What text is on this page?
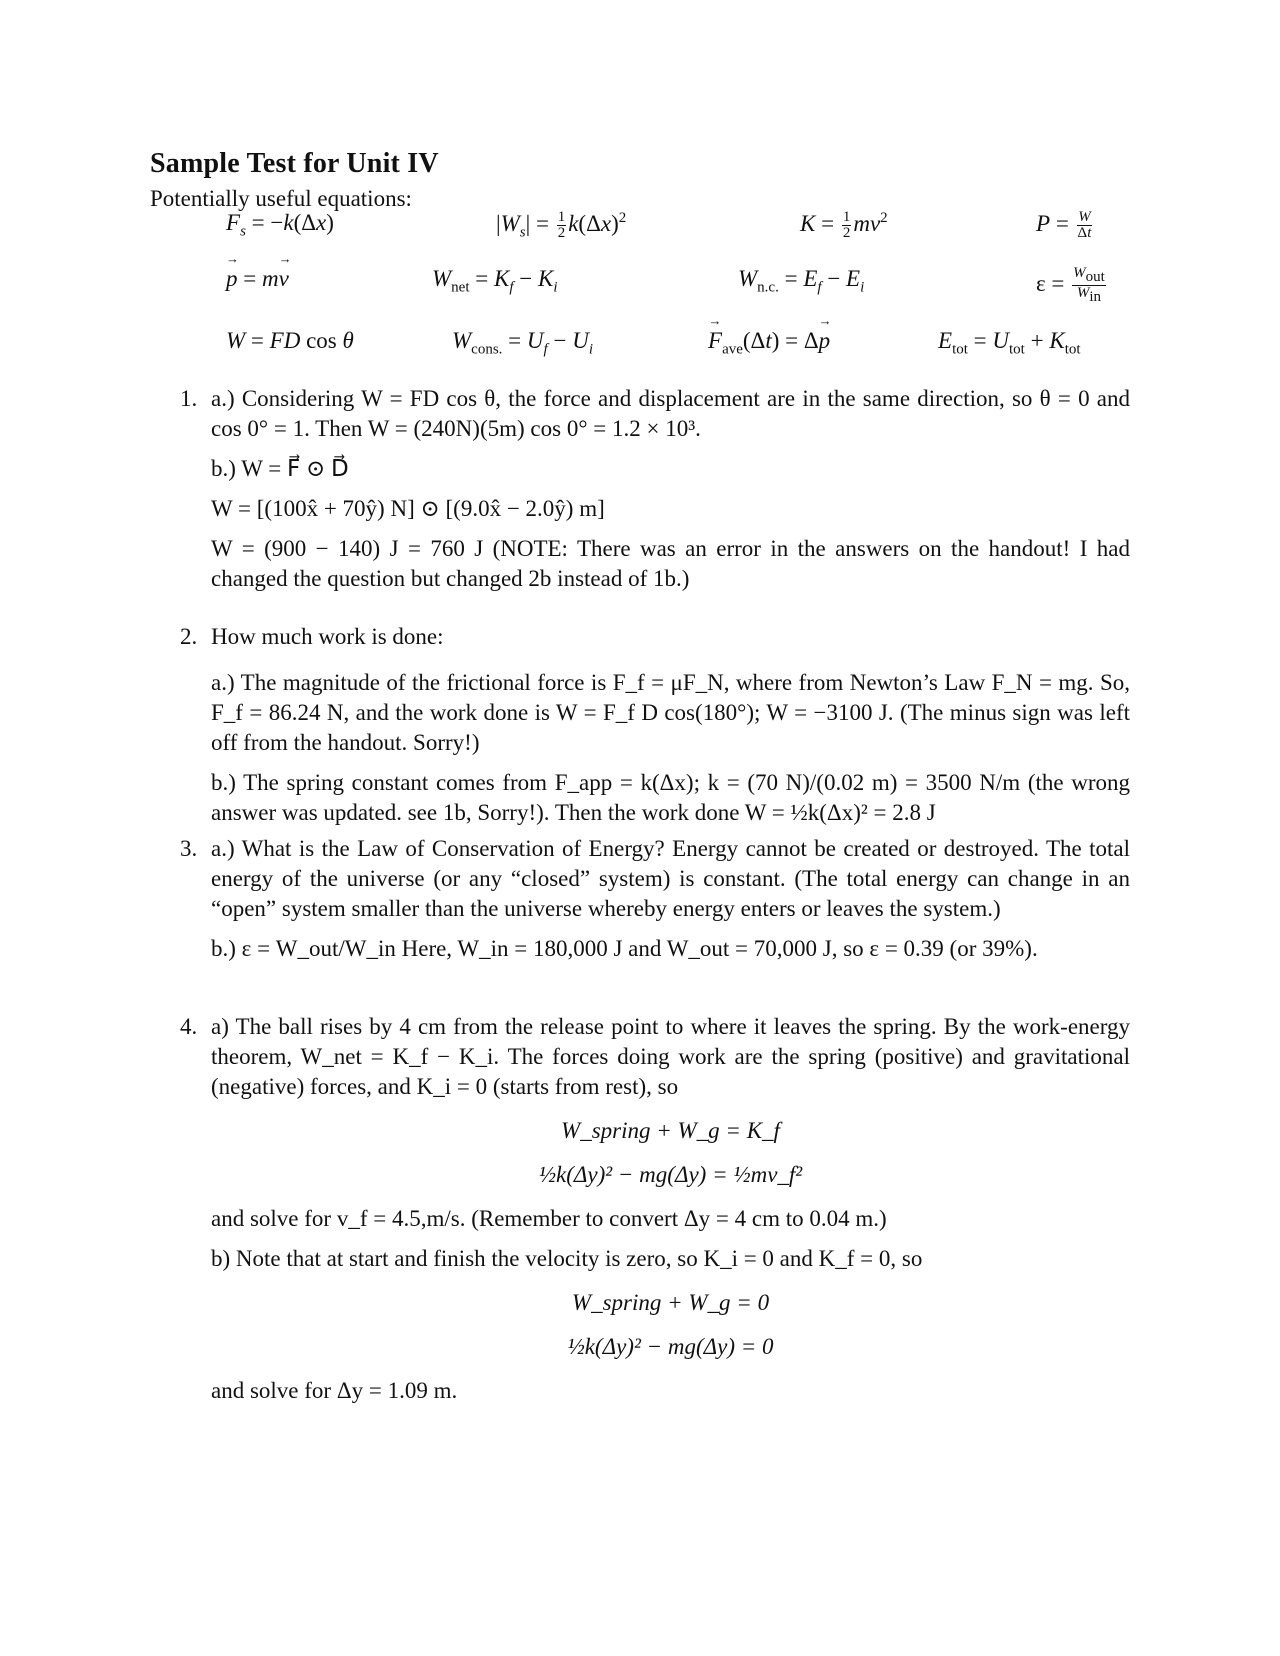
Sample Test for Unit IV
Potentially useful equations:
$F_s = -k(\Delta x)$	$|W_s| = \frac{1}{2} k(\Delta x)^2$	$K = \frac{1}{2} mv^2$	$P = \frac{W}{\Delta t}$
→ p = m→ v	$W_{net} = K_f - K_i$	$W_{n.c.} = E_f - E_i$	$\varepsilon = \frac{W_{out}}{W_{in}}$
W = FD cos θ	$W_{cons.} = U_f - U_i$
→	$F_{ave}(\Delta t) = \Delta\to p$	$E_{tot} = U_{tot} + K_{tot}$
1. a.) Considering W = FD cos θ, the force and displacement are in the same direction, so θ = 0 and cos 0° = 1. Then W = (240N)(5m) cos 0° = 1.2 × 10³.
b.) W = F⃗ ⊙ D⃗
W = [(100x̂ + 70ŷ) N] ⊙ [(9.0x̂ − 2.0ŷ) m]
W = (900 − 140) J = 760 J (NOTE: There was an error in the answers on the handout! I had changed the question but changed 2b instead of 1b.)
2. How much work is done:
a.) The magnitude of the frictional force is F_f = μF_N, where from Newton’s Law F_N = mg. So, F_f = 86.24 N, and the work done is W = F_f D cos(180°); W = −3100 J. (The minus sign was left off from the handout. Sorry!)
b.) The spring constant comes from F_app = k(Δx); k = (70 N)/(0.02 m) = 3500 N/m (the wrong answer was updated. see 1b, Sorry!). Then the work done W = ½k(Δx)² = 2.8 J
3. a.) What is the Law of Conservation of Energy? Energy cannot be created or destroyed. The total energy of the universe (or any “closed” system) is constant. (The total energy can change in an “open” system smaller than the universe whereby energy enters or leaves the system.)
b.) ε = W_out/W_in Here, W_in = 180,000 J and W_out = 70,000 J, so ε = 0.39 (or 39%).
4. a) The ball rises by 4 cm from the release point to where it leaves the spring. By the work-energy theorem, W_net = K_f − K_i. The forces doing work are the spring (positive) and gravitational (negative) forces, and K_i = 0 (starts from rest), so
W_spring + W_g = K_f
½k(Δy)² − mg(Δy) = ½mv_f²
and solve for v_f = 4.5,m/s. (Remember to convert Δy = 4 cm to 0.04 m.)
b) Note that at start and finish the velocity is zero, so K_i = 0 and K_f = 0, so
W_spring + W_g = 0
½k(Δy)² − mg(Δy) = 0
and solve for Δy = 1.09 m.
